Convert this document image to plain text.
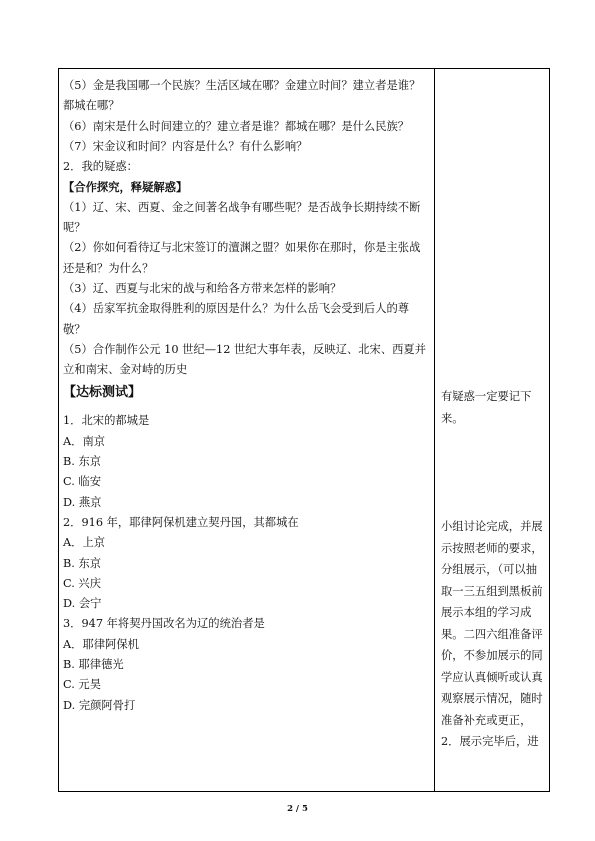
（5）金是我国哪一个民族？生活区域在哪？金建立时间？建立者是谁？都城在哪？

（6）南宋是什么时间建立的？建立者是谁？都城在哪？是什么民族？

（7）宋金议和时间？内容是什么？有什么影响？

2．我的疑惑：

【合作探究，释疑解惑】

（1）辽、宋、西夏、金之间著名战争有哪些呢？是否战争长期持续不断呢？

（2）你如何看待辽与北宋签订的澶渊之盟？如果你在那时，你是主张战还是和？为什么？

（3）辽、西夏与北宋的战与和给各方带来怎样的影响？

（4）岳家军抗金取得胜利的原因是什么？为什么岳飞会受到后人的尊敬？

（5）合作制作公元 10 世纪—12 世纪大事年表，反映辽、北宋、西夏并立和南宋、金对峙的历史

【达标测试】

1．北宋的都城是

A．南京

B. 东京

C. 临安

D. 燕京

2．916 年，耶律阿保机建立契丹国，其都城在

A．上京

B. 东京

C. 兴庆

D. 会宁

3．947 年将契丹国改名为辽的统治者是

A．耶律阿保机

B. 耶律德光

C. 元昊

D. 完颜阿骨打

有疑惑一定要记下来。
小组讨论完成，并展示按照老师的要求，分组展示，（可以抽取一三五组到黑板前展示本组的学习成果。二四六组准备评价，不参加展示的同学应认真倾听或认真观察展示情况，随时准备补充或更正，2．展示完毕后，进
2 / 5
